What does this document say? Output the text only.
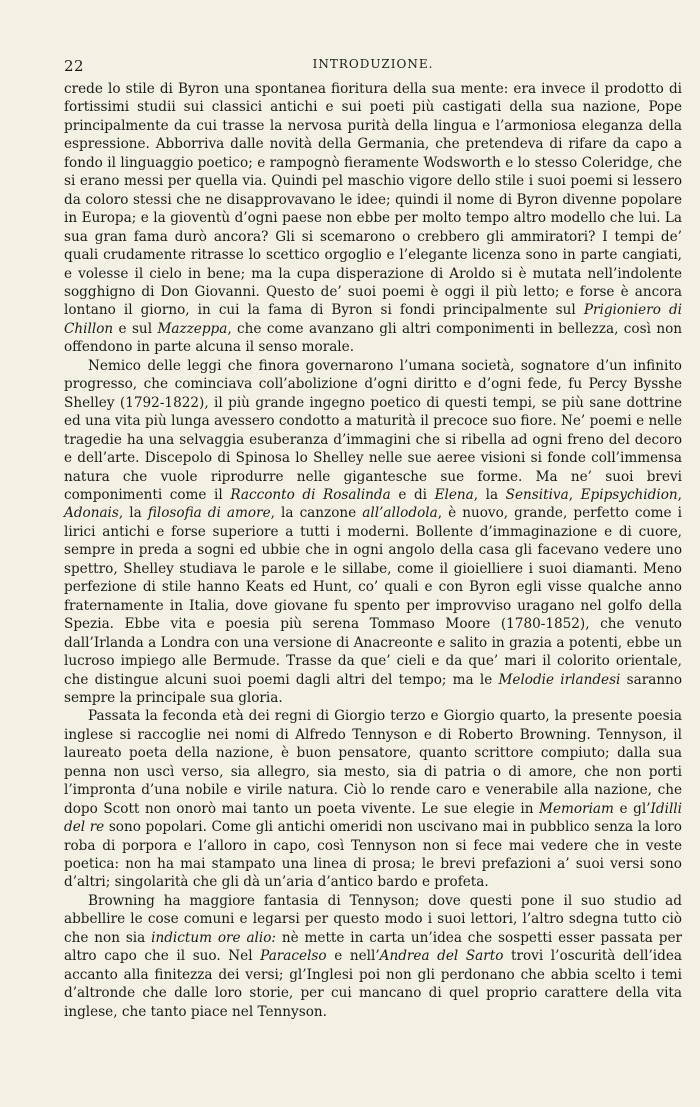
22	INTRODUZIONE.

crede lo stile di Byron una spontanea fioritura della sua mente: era invece il prodotto di fortissimi studii sui classici antichi e sui poeti più castigati della sua nazione, Pope principalmente da cui trasse la nervosa purità della lingua e l’armoniosa eleganza della espressione. Abborriva dalle novità della Germania, che pretendeva di rifare da capo a fondo il linguaggio poetico; e rampognò fieramente Wodsworth e lo stesso Coleridge, che si erano messi per quella via. Quindi pel maschio vigore dello stile i suoi poemi si lessero da coloro stessi che ne disapprovavano le idee; quindi il nome di Byron divenne popolare in Europa; e la gioventù d’ogni paese non ebbe per molto tempo altro modello che lui. La sua gran fama durò ancora? Gli si scemarono o crebbero gli ammiratori? I tempi de’ quali crudamente ritrasse lo scettico orgoglio e l’elegante licenza sono in parte cangiati, e volesse il cielo in bene; ma la cupa disperazione di Aroldo si è mutata nell’indolente sogghigno di Don Giovanni. Questo de’ suoi poemi è oggi il più letto; e forse è ancora lontano il giorno, in cui la fama di Byron si fondi principalmente sul Prigioniero di Chillon e sul Mazzeppa, che come avanzano gli altri componimenti in bellezza, così non offendono in parte alcuna il senso morale.

Nemico delle leggi che finora governarono l’umana società, sognatore d’un infinito progresso, che cominciava coll’abolizione d’ogni diritto e d’ogni fede, fu Percy Bysshe Shelley (1792-1822), il più grande ingegno poetico di questi tempi, se più sane dottrine ed una vita più lunga avessero condotto a maturità il precoce suo fiore. Ne’ poemi e nelle tragedie ha una selvaggia esuberanza d’immagini che si ribella ad ogni freno del decoro e dell’arte. Discepolo di Spinosa lo Shelley nelle sue aeree visioni si fonde coll’immensa natura che vuole riprodurre nelle gigantesche sue forme. Ma ne’ suoi brevi componimenti come il Racconto di Rosalinda e di Elena, la Sensitiva, Epipsychidion, Adonais, la filosofia di amore, la canzone all’allodola, è nuovo, grande, perfetto come i lirici antichi e forse superiore a tutti i moderni. Bollente d’immaginazione e di cuore, sempre in preda a sogni ed ubbie che in ogni angolo della casa gli facevano vedere uno spettro, Shelley studiava le parole e le sillabe, come il gioielliere i suoi diamanti. Meno perfezione di stile hanno Keats ed Hunt, co’ quali e con Byron egli visse qualche anno fraternamente in Italia, dove giovane fu spento per improvviso uragano nel golfo della Spezia. Ebbe vita e poesia più serena Tommaso Moore (1780-1852), che venuto dall’Irlanda a Londra con una versione di Anacreonte e salito in grazia a potenti, ebbe un lucroso impiego alle Bermude. Trasse da que’ cieli e da que’ mari il colorito orientale, che distingue alcuni suoi poemi dagli altri del tempo; ma le Melodie irlandesi saranno sempre la principale sua gloria.

Passata la feconda età dei regni di Giorgio terzo e Giorgio quarto, la presente poesia inglese si raccoglie nei nomi di Alfredo Tennyson e di Roberto Browning. Tennyson, il laureato poeta della nazione, è buon pensatore, quanto scrittore compiuto; dalla sua penna non uscì verso, sia allegro, sia mesto, sia di patria o di amore, che non porti l’impronta d’una nobile e virile natura. Ciò lo rende caro e venerabile alla nazione, che dopo Scott non onorò mai tanto un poeta vivente. Le sue elegie in Memoriam e gl’Idilli del re sono popolari. Come gli antichi omeridi non uscivano mai in pubblico senza la loro roba di porpora e l’alloro in capo, così Tennyson non si fece mai vedere che in veste poetica: non ha mai stampato una linea di prosa; le brevi prefazioni a’ suoi versi sono d’altri; singolarità che gli dà un’aria d’antico bardo e profeta.

Browning ha maggiore fantasia di Tennyson; dove questi pone il suo studio ad abbellire le cose comuni e legarsi per questo modo i suoi lettori, l’altro sdegna tutto ciò che non sia indictum ore alio: nè mette in carta un’idea che sospetti esser passata per altro capo che il suo. Nel Paracelso e nell’Andrea del Sarto trovi l’oscurità dell’idea accanto alla finitezza dei versi; gl’Inglesi poi non gli perdonano che abbia scelto i temi d’altronde che dalle loro storie, per cui mancano di quel proprio carattere della vita inglese, che tanto piace nel Tennyson.
